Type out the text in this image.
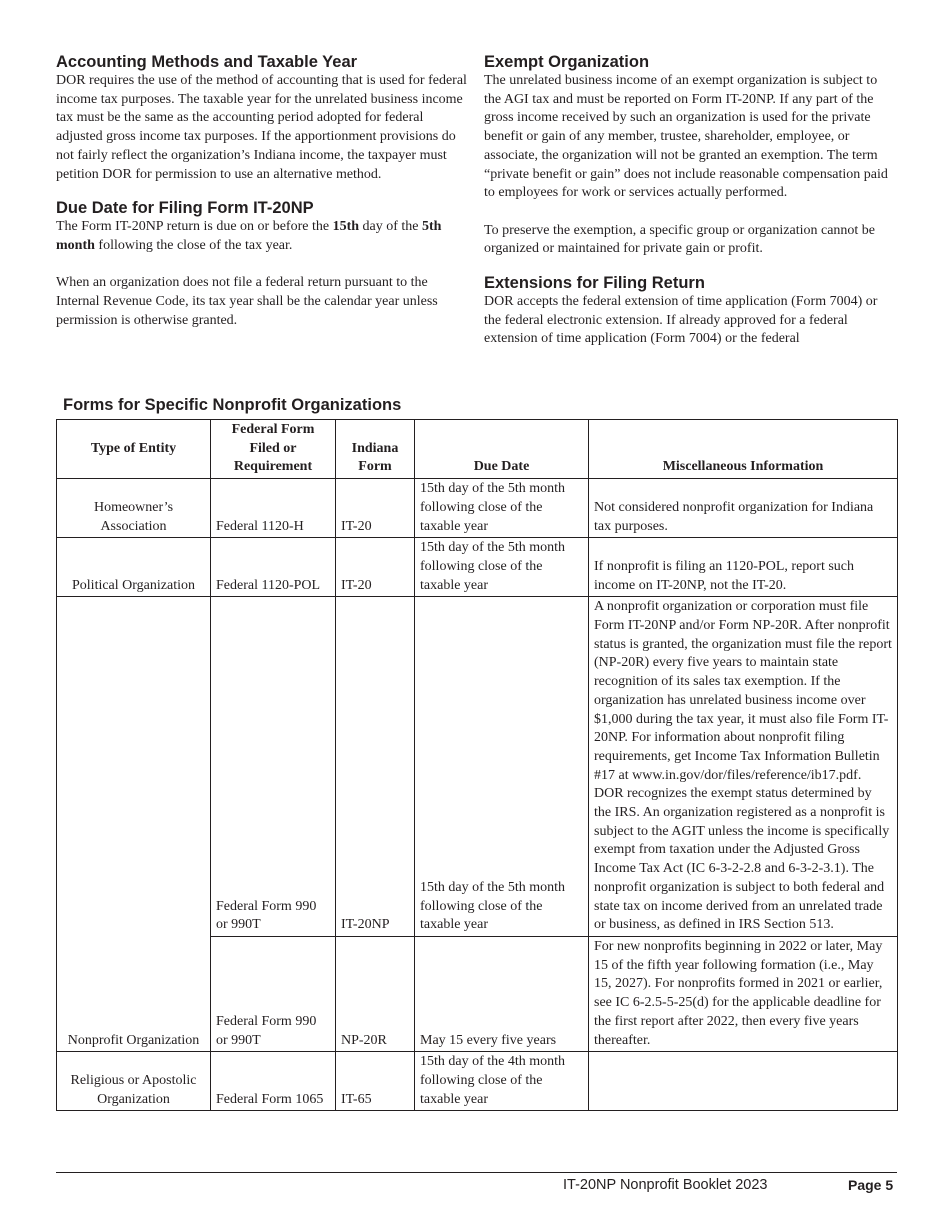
Accounting Methods and Taxable Year

DOR requires the use of the method of accounting that is used for federal income tax purposes. The taxable year for the unrelated business income tax must be the same as the accounting period adopted for federal adjusted gross income tax purposes. If the apportionment provisions do not fairly reflect the organization’s Indiana income, the taxpayer must petition DOR for permission to use an alternative method.

Due Date for Filing Form IT-20NP

The Form IT-20NP return is due on or before the 15th day of the 5th month following the close of the tax year.

When an organization does not file a federal return pursuant to the Internal Revenue Code, its tax year shall be the calendar year unless permission is otherwise granted.

Exempt Organization

The unrelated business income of an exempt organization is subject to the AGI tax and must be reported on Form IT-20NP. If any part of the gross income received by such an organization is used for the private benefit or gain of any member, trustee, shareholder, employee, or associate, the organization will not be granted an exemption. The term “private benefit or gain” does not include reasonable compensation paid to employees for work or services actually performed.

To preserve the exemption, a specific group or organization cannot be organized or maintained for private gain or profit.

Extensions for Filing Return

DOR accepts the federal extension of time application (Form 7004) or the federal electronic extension. If already approved for a federal extension of time application (Form 7004) or the federal

Forms for Specific Nonprofit Organizations
Type of Entity	Federal Form Filed or Requirement	Indiana Form	Due Date	Miscellaneous Information
Homeowner’s Association	Federal 1120-H	IT-20	15th day of the 5th month following close of the taxable year	Not considered nonprofit organization for Indiana tax purposes.
Political Organization	Federal 1120-POL	IT-20	15th day of the 5th month following close of the taxable year	If nonprofit is filing an 1120-POL, report such income on IT-20NP, not the IT-20.
Nonprofit Organization	Federal Form 990 or 990T	IT-20NP	15th day of the 5th month following close of the taxable year	A nonprofit organization or corporation must file Form IT-20NP and/or Form NP-20R. After nonprofit status is granted, the organization must file the report (NP-20R) every five years to maintain state recognition of its sales tax exemption. If the organization has unrelated business income over $1,000 during the tax year, it must also file Form IT-20NP. For information about nonprofit filing requirements, get Income Tax Information Bulletin #17 at www.in.gov/dor/files/reference/ib17.pdf. DOR recognizes the exempt status determined by the IRS. An organization registered as a nonprofit is subject to the AGIT unless the income is specifically exempt from taxation under the Adjusted Gross Income Tax Act (IC 6-3-2-2.8 and 6-3-2-3.1). The nonprofit organization is subject to both federal and state tax on income derived from an unrelated trade or business, as defined in IRS Section 513.
	Federal Form 990 or 990T	NP-20R	May 15 every five years	For new nonprofits beginning in 2022 or later, May 15 of the fifth year following formation (i.e., May 15, 2027). For nonprofits formed in 2021 or earlier, see IC 6-2.5-5-25(d) for the applicable deadline for the first report after 2022, then every five years thereafter.
Religious or Apostolic Organization	Federal Form 1065	IT-65	15th day of the 4th month following close of the taxable year	
IT-20NP Nonprofit Booklet 2023	Page 5
